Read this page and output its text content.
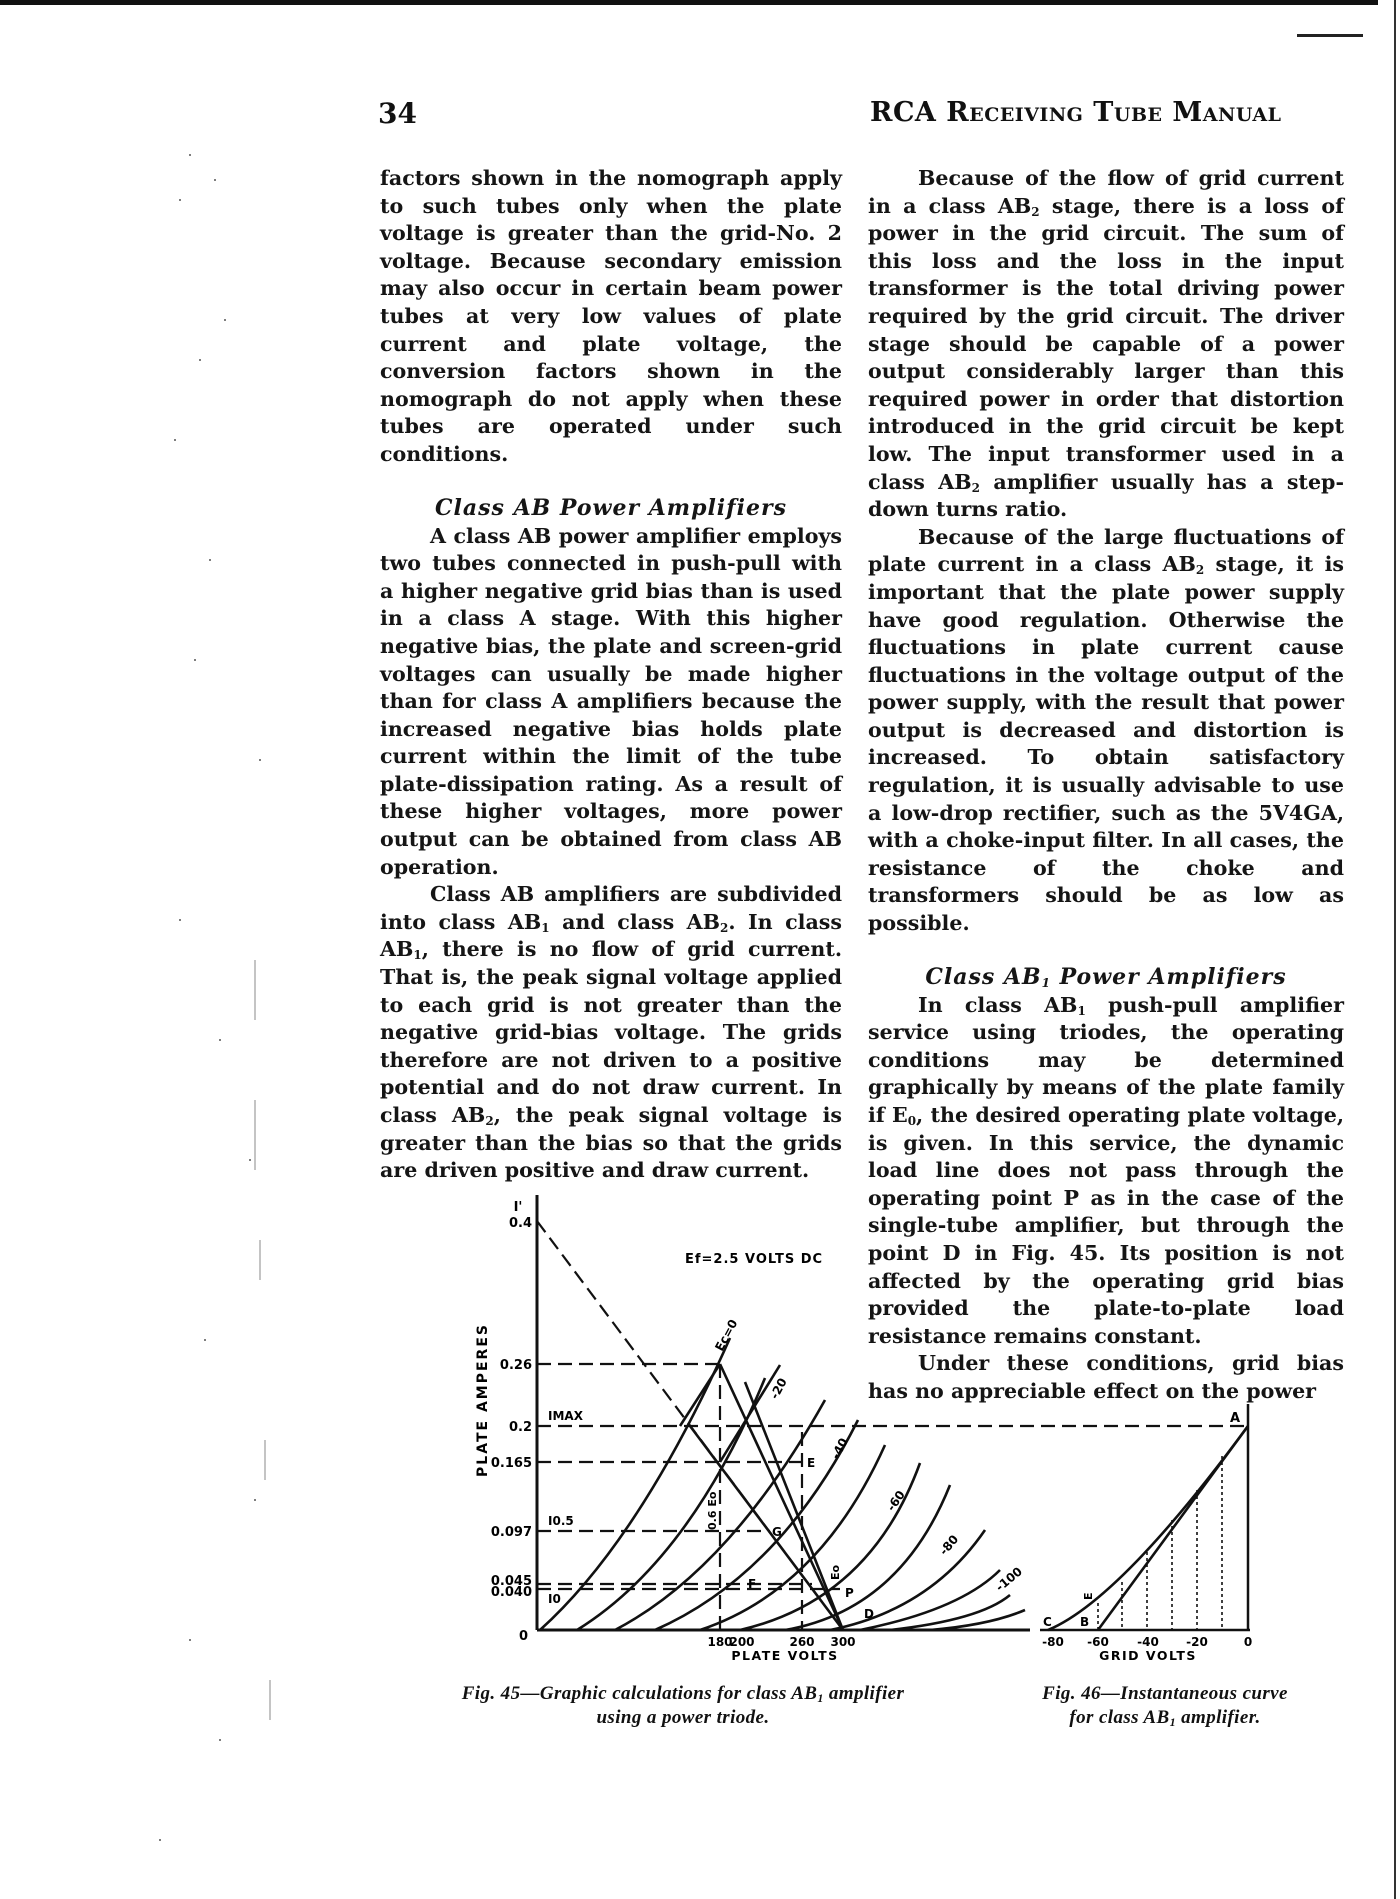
34	RCA Receiving Tube Manual

factors shown in the nomograph apply to such tubes only when the plate voltage is greater than the grid-No. 2 voltage. Because secondary emission may also occur in certain beam power tubes at very low values of plate current and plate voltage, the conversion factors shown in the nomograph do not apply when these tubes are operated under such conditions.

Class AB Power Amplifiers

A class AB power amplifier employs two tubes connected in push-pull with a higher negative grid bias than is used in a class A stage. With this higher negative bias, the plate and screen-grid voltages can usually be made higher than for class A amplifiers because the increased negative bias holds plate current within the limit of the tube plate-dissipation rating. As a result of these higher voltages, more power output can be obtained from class AB operation.

Class AB amplifiers are subdivided into class $AB_1$ and class $AB_2$. In class $AB_1$, there is no flow of grid current. That is, the peak signal voltage applied to each grid is not greater than the negative grid-bias voltage. The grids therefore are not driven to a positive potential and do not draw current. In class $AB_2$, the peak signal voltage is greater than the bias so that the grids are driven positive and draw current.

Because of the flow of grid current in a class $AB_2$ stage, there is a loss of power in the grid circuit. The sum of this loss and the loss in the input transformer is the total driving power required by the grid circuit. The driver stage should be capable of a power output considerably larger than this required power in order that distortion introduced in the grid circuit be kept low. The input transformer used in a class $AB_2$ amplifier usually has a step-down turns ratio.

Because of the large fluctuations of plate current in a class $AB_2$ stage, it is important that the plate power supply have good regulation. Otherwise the fluctuations in plate current cause fluctuations in the voltage output of the power supply, with the result that power output is decreased and distortion is increased. To obtain satisfactory regulation, it is usually advisable to use a low-drop rectifier, such as the 5V4GA, with a choke-input filter. In all cases, the resistance of the choke and transformers should be as low as possible.

Class $AB_1$ Power Amplifiers

In class $AB_1$ push-pull amplifier service using triodes, the operating conditions may be determined graphically by means of the plate family if $E_0$, the desired operating plate voltage, is given. In this service, the dynamic load line does not pass through the operating point P as in the case of the single-tube amplifier, but through the point D in Fig. 45. Its position is not affected by the operating grid bias provided the plate-to-plate load resistance remains constant.

Under these conditions, grid bias has no appreciable effect on the power

I'
0.4
0.26
0.2
0.165
0.097
0.045
0.040
0
PLATE AMPERES	IMAX
I0.5
I0
Ef=2.5 VOLTS DC
Ec=0
-20
-40
-60
-80
-100
E
G
F
P
D
Eo
0.6 Eo
180
200	260 300
PLATE VOLTS
A
B
C
E
-80 -60 -40 -20	0
GRID VOLTS
Fig. 45—Graphic calculations for class $AB_1$ amplifier
using a power triode.
Fig. 46—Instantaneous curve
for class $AB_1$ amplifier.
